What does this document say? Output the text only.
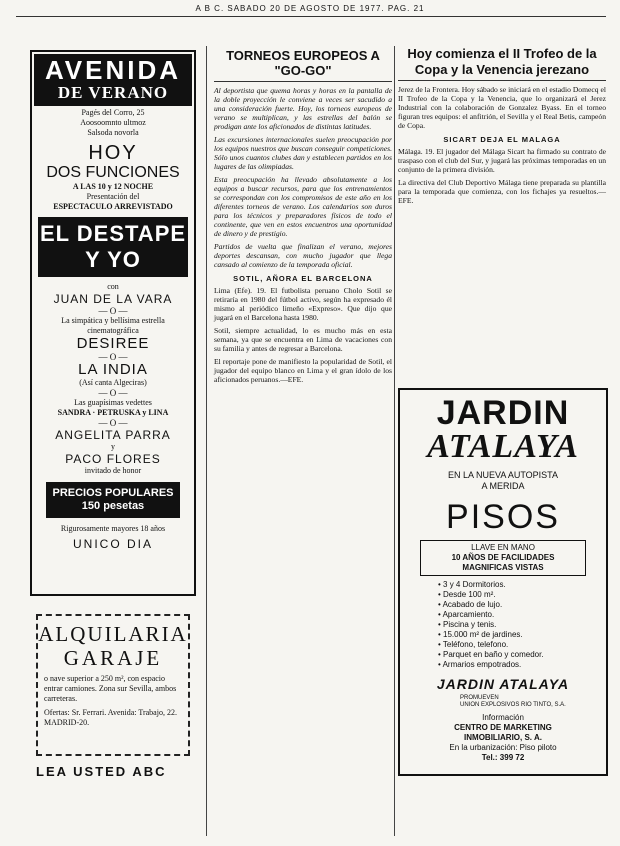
A B C. SABADO 20 DE AGOSTO DE 1977. PAG. 21
AVENIDA
DE VERANO
Pagés del Corro, 25
Aoosoomnto ultmoz
Salsoda novorla
HOY
DOS FUNCIONES
A LAS 10 y 12 NOCHE
Presentación del
ESPECTACULO ARREVISTADO
EL DESTAPE
Y YO
con
JUAN DE LA VARA
— O —
La simpática y bellísima estrella
cinematográfica
DESIREE
— O —
LA INDIA
(Así canta Algeciras)
— O —
Las guapísimas vedettes
SANDRA · PETRUSKA y LINA
— O —
ANGELITA PARRA
y
PACO FLORES
invitado de honor
PRECIOS POPULARES
150 pesetas
Rigurosamente mayores 18 años
UNICO DIA
ALQUILARIA
GARAJE

o nave superior a 250 m², con espacio entrar camiones. Zona sur Sevilla, ambos carreteras.

Ofertas: Sr. Ferrari. Avenida: Trabajo, 22. MADRID-20.

LEA USTED ABC
TORNEOS EUROPEOS A "GO-GO"

Al deportista que quema horas y horas en la pantalla de la doble proyección le conviene a veces ser sacudido a una consideración fuerte. Hoy, los torneos europeos de verano se multiplican, y las estrellas del balón se prodigan ante los aficionados de distintas latitudes.

Las excursiones internacionales suelen preocupación por los equipos nuestros que buscan conseguir competiciones. Sólo unos cuantos clubes dan y establecen partidos en los lugares de las olimpiadas.

Esta preocupación ha llevado absolutamente a los equipos a buscar recursos, para que los entrenamientos se correspondan con los compromisos de este año en los diferentes torneos de verano. Los calendarios son duros para los técnicos y preparadores físicos de todo el continente, que ven en estos encuentros una oportunidad de dinero y de prestigio.

Partidos de vuelta que finalizan el verano, mejores deportes descansan, con mucho jugador que llega cansado al comienzo de la temporada oficial.

SOTIL, AÑORA EL BARCELONA

Lima (Efe). 19. El futbolista peruano Cholo Sotil se retiraría en 1980 del fútbol activo, según ha expresado él mismo al periódico limeño «Expreso». Que dijo que jugará en el Barcelona hasta 1980.

Sotil, siempre actualidad, lo es mucho más en esta semana, ya que se encuentra en Lima de vacaciones con su familia y antes de regresar a Barcelona.

El reportaje pone de manifiesto la popularidad de Sotil, el jugador del equipo blanco en Lima y el gran ídolo de los aficionados peruanos.—EFE.

Hoy comienza el II Trofeo de la Copa y la Venencia jerezano

Jerez de la Frontera. Hoy sábado se iniciará en el estadio Domecq el II Trofeo de la Copa y la Venencia, que lo organizará el Jerez Industrial con la colaboración de Gonzalez Byass. En el torneo figuran tres equipos: el anfitrión, el Sevilla y el Real Betis, campeón de Copa.

SICART DEJA EL MALAGA

Málaga. 19. El jugador del Málaga Sicart ha firmado su contrato de traspaso con el club del Sur, y jugará las próximas temporadas en un conjunto de la primera división.

La directiva del Club Deportivo Málaga tiene preparada su plantilla para la temporada que comienza, con los fichajes ya resueltos.—EFE.

JARDIN
ATALAYA
EN LA NUEVA AUTOPISTA
A MERIDA
PISOS
LLAVE EN MANO
10 AÑOS DE FACILIDADES
MAGNIFICAS VISTAS
• 3 y 4 Dormitorios.
• Desde 100 m².
• Acabado de lujo.
• Aparcamiento.
• Piscina y tenis.
• 15.000 m² de jardines.
• Teléfono, telefono.
• Parquet en baño y comedor.
• Armarios empotrados.
JARDIN ATALAYA
PROMUEVEN
UNION EXPLOSIVOS RIO TINTO, S.A.
Información
CENTRO DE MARKETING
INMOBILIARIO, S. A.
En la urbanización: Piso piloto
Tel.: 399 72
